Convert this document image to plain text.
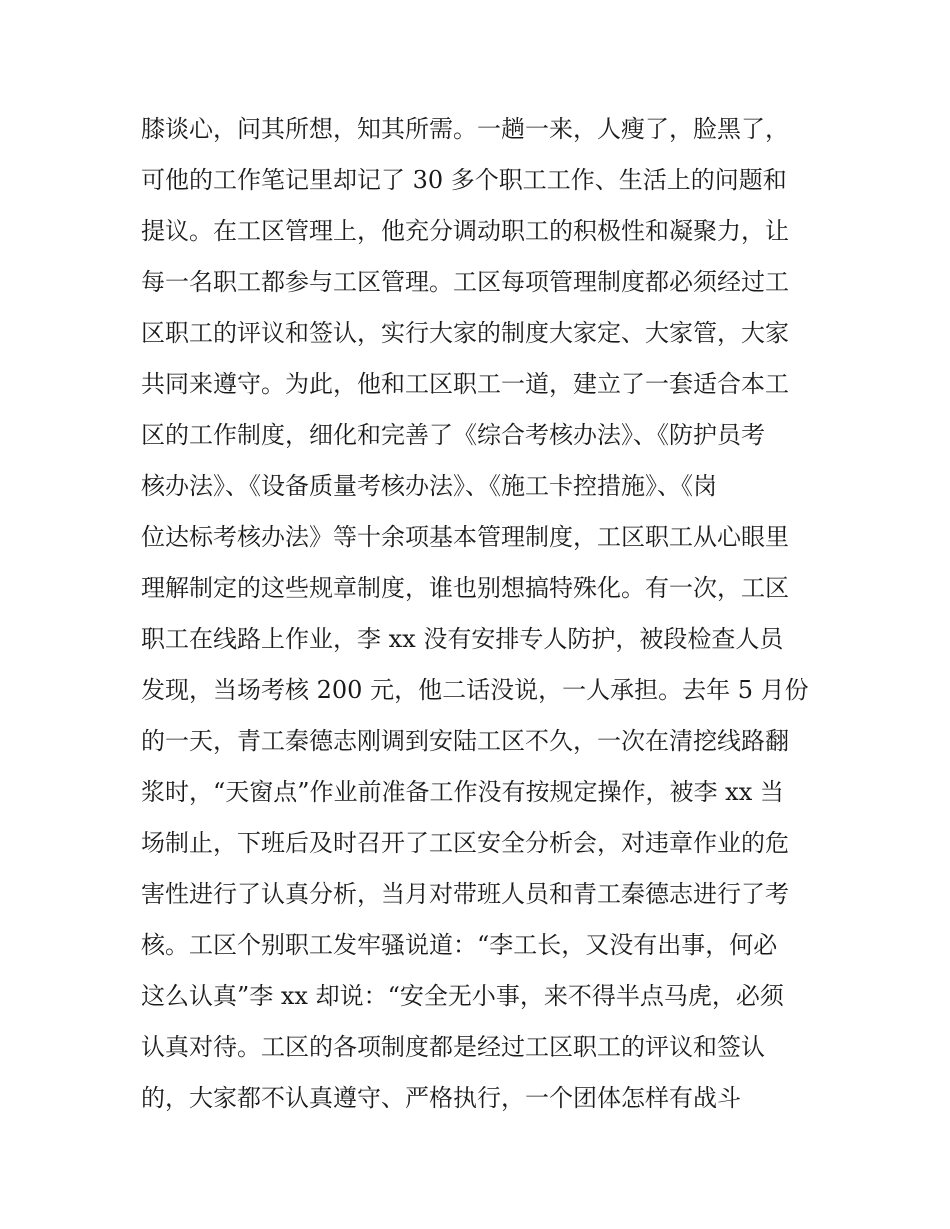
膝谈心，问其所想，知其所需。一趟一来，人瘦了，脸黑了，
可他的工作笔记里却记了 30 多个职工工作、生活上的问题和
提议。在工区管理上，他充分调动职工的积极性和凝聚力，让
每一名职工都参与工区管理。工区每项管理制度都必须经过工
区职工的评议和签认，实行大家的制度大家定、大家管，大家
共同来遵守。为此，他和工区职工一道，建立了一套适合本工
区的工作制度，细化和完善了《综合考核办法》、《防护员考
核办法》、《设备质量考核办法》、《施工卡控措施》、《岗
位达标考核办法》等十余项基本管理制度，工区职工从心眼里
理解制定的这些规章制度，谁也别想搞特殊化。有一次，工区
职工在线路上作业，李 xx 没有安排专人防护，被段检查人员
发现，当场考核 200 元，他二话没说，一人承担。去年 5 月份
的一天，青工秦德志刚调到安陆工区不久，一次在清挖线路翻
浆时，“天窗点”作业前准备工作没有按规定操作，被李 xx 当
场制止，下班后及时召开了工区安全分析会，对违章作业的危
害性进行了认真分析，当月对带班人员和青工秦德志进行了考
核。工区个别职工发牢骚说道：“李工长，又没有出事，何必
这么认真”李 xx 却说：“安全无小事，来不得半点马虎，必须
认真对待。工区的各项制度都是经过工区职工的评议和签认
的，大家都不认真遵守、严格执行，一个团体怎样有战斗
